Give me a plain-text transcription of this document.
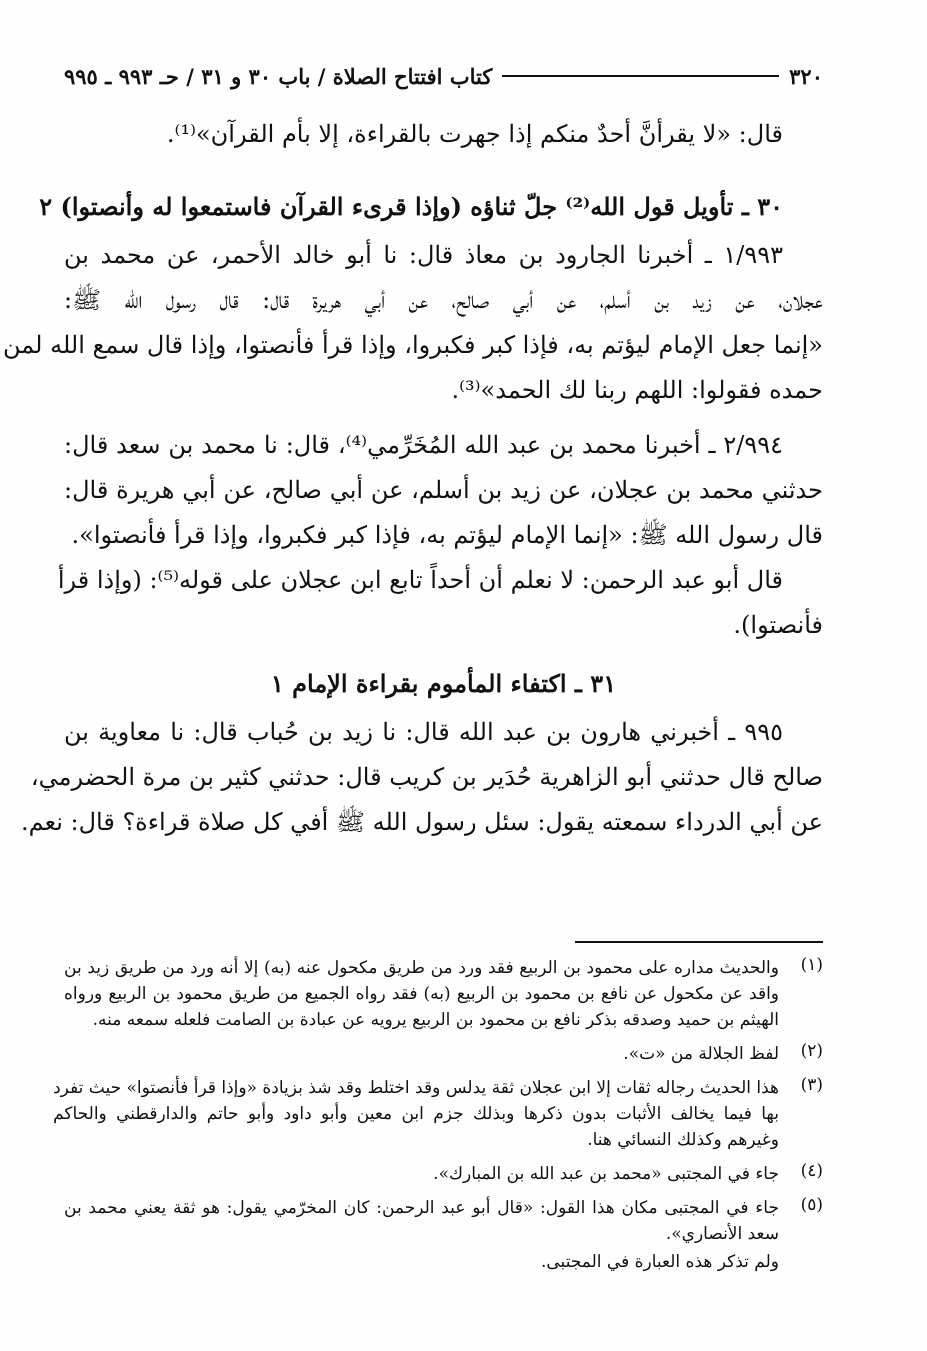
٣٢٠
كتاب افتتاح الصلاة / باب ٣٠ و ٣١ / حـ ٩٩٣ ـ ٩٩٥
قال: «لا يقرأنَّ أحدٌ منكم إذا جهرت بالقراءة، إلا بأم القرآن»⁽¹⁾.
٣٠ ـ تأويل قول الله⁽²⁾ جلّ ثناؤه (وإذا قرىء القرآن فاستمعوا له وأنصتوا) ٢
١/٩٩٣ ـ أخبرنا الجارود بن معاذ قال: نا أبو خالد الأحمر، عن محمد بن
عجلان، عن زيد بن أسلم، عن أبي صالح، عن أبي هريرة قال: قال رسول الله ﷺ:
«إنما جعل الإمام ليؤتم به، فإذا كبر فكبروا، وإذا قرأ فأنصتوا، وإذا قال سمع الله لمن
حمده فقولوا: اللهم ربنا لك الحمد»⁽³⁾.
٢/٩٩٤ ـ أخبرنا محمد بن عبد الله المُخَرِّمي⁽⁴⁾، قال: نا محمد بن سعد قال:
حدثني محمد بن عجلان، عن زيد بن أسلم، عن أبي صالح، عن أبي هريرة قال:
قال رسول الله ﷺ: «إنما الإمام ليؤتم به، فإذا كبر فكبروا، وإذا قرأ فأنصتوا».
قال أبو عبد الرحمن: لا نعلم أن أحداً تابع ابن عجلان على قوله⁽⁵⁾: (وإذا قرأ
فأنصتوا).
٣١ ـ اكتفاء المأموم بقراءة الإمام ١
٩٩٥ ـ أخبرني هارون بن عبد الله قال: نا زيد بن حُباب قال: نا معاوية بن
صالح قال حدثني أبو الزاهرية حُدَير بن كريب قال: حدثني كثير بن مرة الحضرمي،
عن أبي الدرداء سمعته يقول: سئل رسول الله ﷺ أفي كل صلاة قراءة؟ قال: نعم.
(١)
والحديث مداره على محمود بن الربيع فقد ورد من طريق مكحول عنه (به) إلا أنه ورد من طريق زيد بن
واقد عن مكحول عن نافع بن محمود بن الربيع (به) فقد رواه الجميع من طريق محمود بن الربيع ورواه
الهيثم بن حميد وصدقه بذكر نافع بن محمود بن الربيع يرويه عن عبادة بن الصامت فلعله سمعه منه.
(٢)
لفظ الجلالة من «ت».
(٣)
هذا الحديث رجاله ثقات إلا ابن عجلان ثقة يدلس وقد اختلط وقد شذ بزيادة «وإذا قرأ فأنصتوا» حيث تفرد
بها فيما يخالف الأثبات بدون ذكرها وبذلك جزم ابن معين وأبو داود وأبو حاتم والدارقطني والحاكم
وغيرهم وكذلك النسائي هنا.
(٤)
جاء في المجتبى «محمد بن عبد الله بن المبارك».
(٥)
جاء في المجتبى مكان هذا القول: «قال أبو عبد الرحمن: كان المخرّمي يقول: هو ثقة يعني محمد بن
سعد الأنصاري».
ولم تذكر هذه العبارة في المجتبى.
